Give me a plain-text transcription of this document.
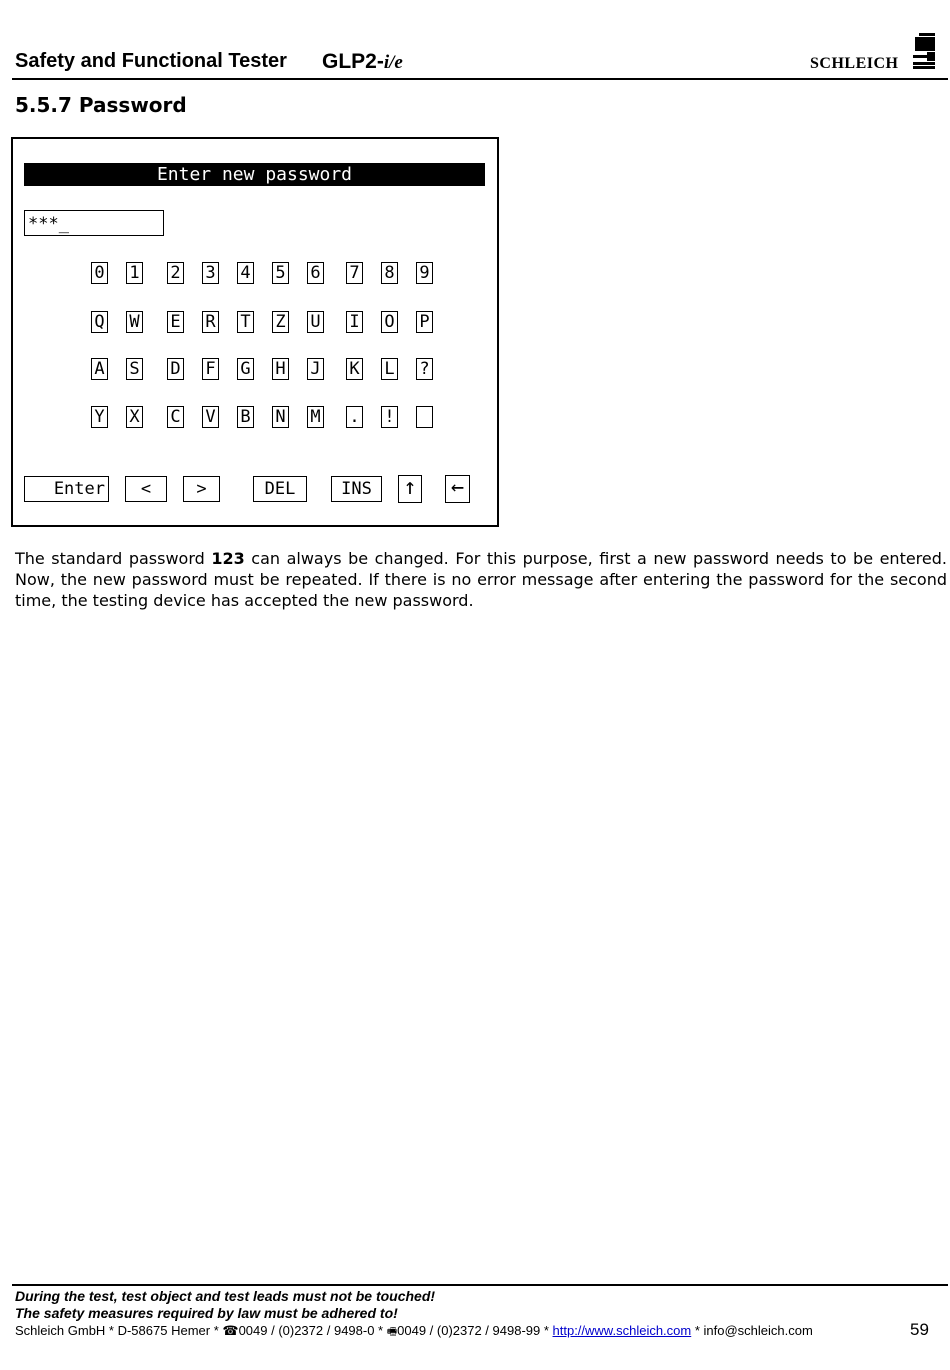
Safety and Functional Tester GLP2-i/e	SCHLEICH
5.5.7 Password
Enter new password
***_
0 1 2 3 4 5 6 7 8 9
Q W E R T Z U I O P
A S D F G H J K L ?
Y X C V B N M . !
Enter	<	>	DEL	INS	↑ ←
The standard password 123 can always be changed. For this purpose, first a new password needs to be entered. Now, the new password must be repeated. If there is no error message after entering the password for the second time, the testing device has accepted the new password.
During the test, test object and test leads must not be touched!
The safety measures required by law must be adhered to!
Schleich GmbH * D-58675 Hemer * ☎0049 / (0)2372 / 9498-0 * 🖷0049 / (0)2372 / 9498-99 * http://www.schleich.com * info@schleich.com	59
